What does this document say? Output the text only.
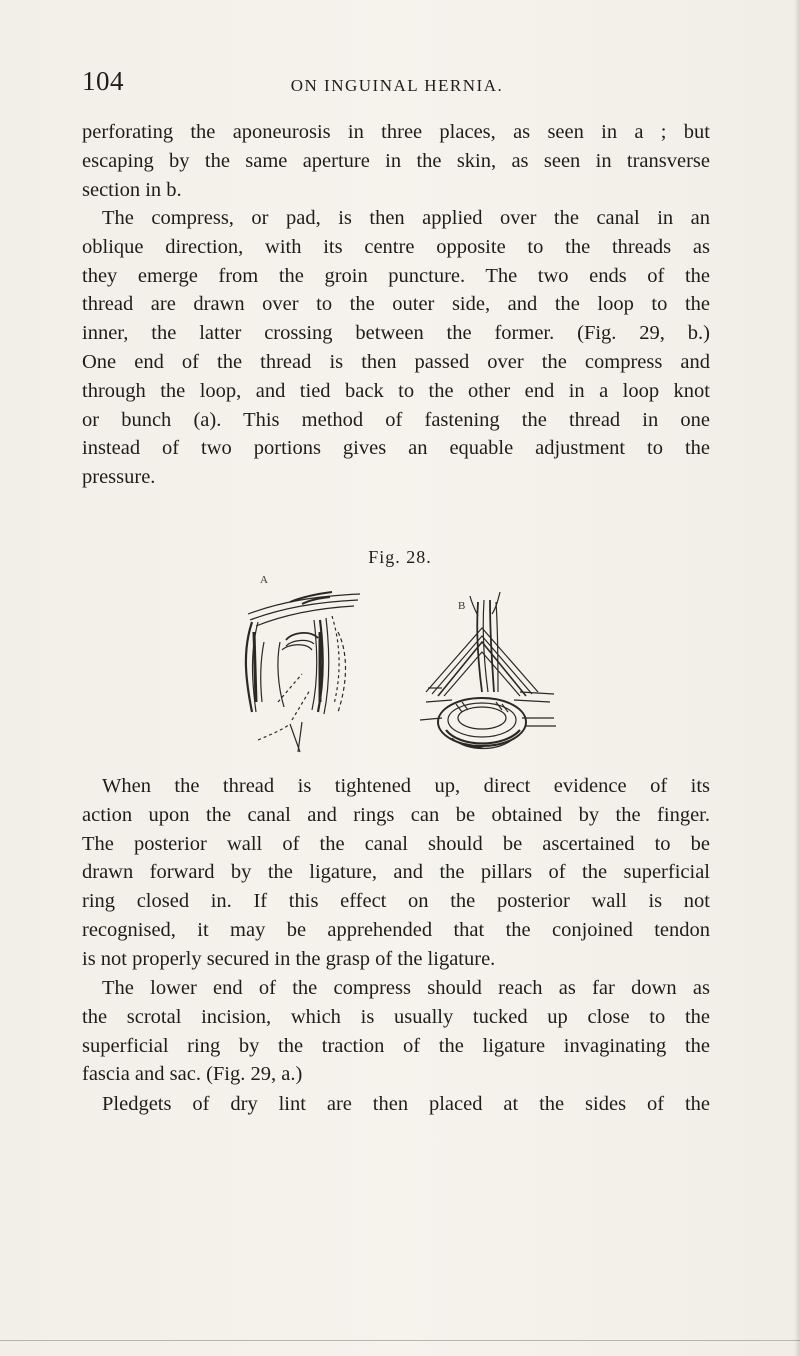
104	ON INGUINAL HERNIA.
perforating the aponeurosis in three places, as seen in a ; but
escaping by the same aperture in the skin, as seen in transverse
section in b.
The compress, or pad, is then applied over the canal in an
oblique direction, with its centre opposite to the threads as
they emerge from the groin puncture. The two ends of the
thread are drawn over to the outer side, and the loop to the
inner, the latter crossing between the former. (Fig. 29, b.)
One end of the thread is then passed over the compress and
through the loop, and tied back to the other end in a loop knot
or bunch (a). This method of fastening the thread in one
instead of two portions gives an equable adjustment to the
pressure.
Fig. 28.
A
B
When the thread is tightened up, direct evidence of its
action upon the canal and rings can be obtained by the finger.
The posterior wall of the canal should be ascertained to be
drawn forward by the ligature, and the pillars of the superficial
ring closed in. If this effect on the posterior wall is not
recognised, it may be apprehended that the conjoined tendon
is not properly secured in the grasp of the ligature.
The lower end of the compress should reach as far down as
the scrotal incision, which is usually tucked up close to the
superficial ring by the traction of the ligature invaginating the
fascia and sac. (Fig. 29, a.)
Pledgets of dry lint are then placed at the sides of the
